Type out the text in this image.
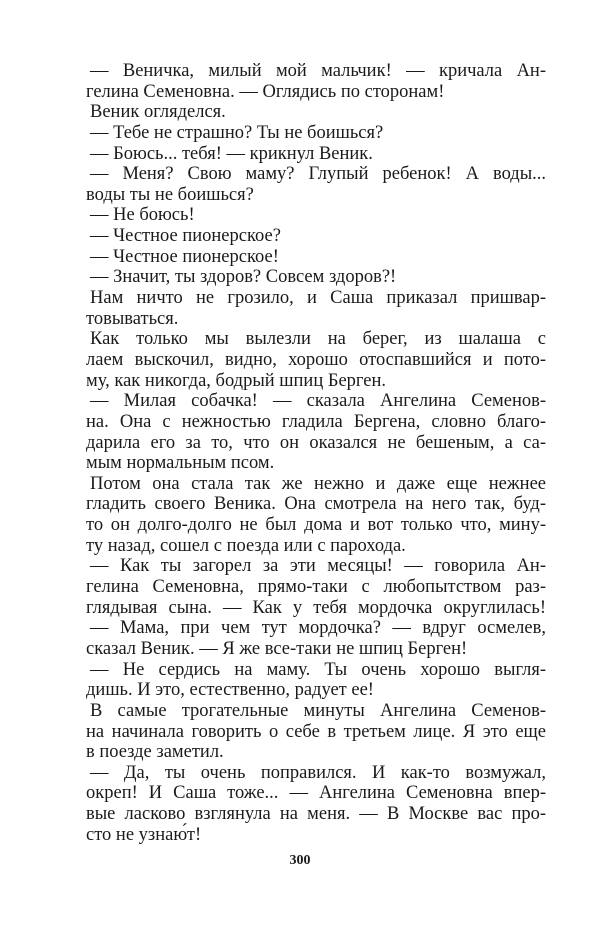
— Веничка, милый мой мальчик! — кричала Ан-
гелина Семеновна. — Оглядись по сторонам!
Веник огляделся.
— Тебе не страшно? Ты не боишься?
— Боюсь... тебя! — крикнул Веник.
— Меня? Свою маму? Глупый ребенок! А воды...
воды ты не боишься?
— Не боюсь!
— Честное пионерское?
— Честное пионерское!
— Значит, ты здоров? Совсем здоров?!
Нам ничто не грозило, и Саша приказал пришвар-
товываться.
Как только мы вылезли на берег, из шалаша с
лаем выскочил, видно, хорошо отоспавшийся и пото-
му, как никогда, бодрый шпиц Берген.
— Милая собачка! — сказала Ангелина Семенов-
на. Она с нежностью гладила Бергена, словно благо-
дарила его за то, что он оказался не бешеным, а са-
мым нормальным псом.
Потом она стала так же нежно и даже еще нежнее
гладить своего Веника. Она смотрела на него так, буд-
то он долго-долго не был дома и вот только что, мину-
ту назад, сошел с поезда или с парохода.
— Как ты загорел за эти месяцы! — говорила Ан-
гелина Семеновна, прямо-таки с любопытством раз-
глядывая сына. — Как у тебя мордочка округлилась!
— Мама, при чем тут мордочка? — вдруг осмелев,
сказал Веник. — Я же все-таки не шпиц Берген!
— Не сердись на маму. Ты очень хорошо выгля-
дишь. И это, естественно, радует ее!
В самые трогательные минуты Ангелина Семенов-
на начинала говорить о себе в третьем лице. Я это еще
в поезде заметил.
— Да, ты очень поправился. И как-то возмужал,
окреп! И Саша тоже... — Ангелина Семеновна впер-
вые ласково взглянула на меня. — В Москве вас про-
сто не узнаю́т!
300
